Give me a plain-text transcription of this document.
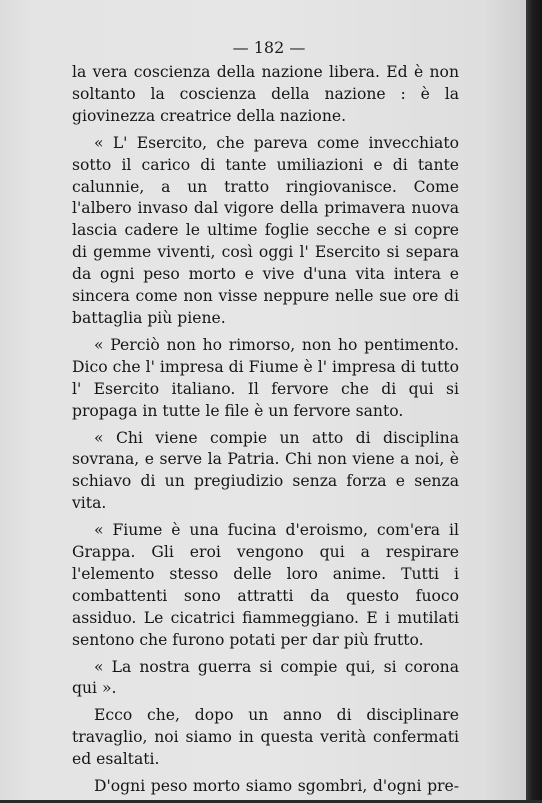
— 182 —

la vera coscienza della nazione libera. Ed è non soltanto la coscienza della nazione : è la giovinezza creatrice della nazione.

« L' Esercito, che pareva come invecchiato sotto il carico di tante umiliazioni e di tante calunnie, a un tratto ringiovanisce. Come l'albero invaso dal vigore della primavera nuova lascia cadere le ultime foglie secche e si copre di gemme viventi, così oggi l' Esercito si separa da ogni peso morto e vive d'una vita intera e sincera come non visse neppure nelle sue ore di battaglia più piene.

« Perciò non ho rimorso, non ho pentimento. Dico che l' impresa di Fiume è l' impresa di tutto l' Esercito italiano. Il fervore che di qui si propaga in tutte le file è un fervore santo.

« Chi viene compie un atto di disciplina sovrana, e serve la Patria. Chi non viene a noi, è schiavo di un pregiudizio senza forza e senza vita.

« Fiume è una fucina d'eroismo, com'era il Grappa. Gli eroi vengono qui a respirare l'elemento stesso delle loro anime. Tutti i combattenti sono attratti da questo fuoco assiduo. Le cicatrici fiammeggiano. E i mutilati sentono che furono potati per dar più frutto.

« La nostra guerra si compie qui, si corona qui ».

Ecco che, dopo un anno di disciplinare travaglio, noi siamo in questa verità confermati ed esaltati.

D'ogni peso morto siamo sgombri, d'ogni pre-
